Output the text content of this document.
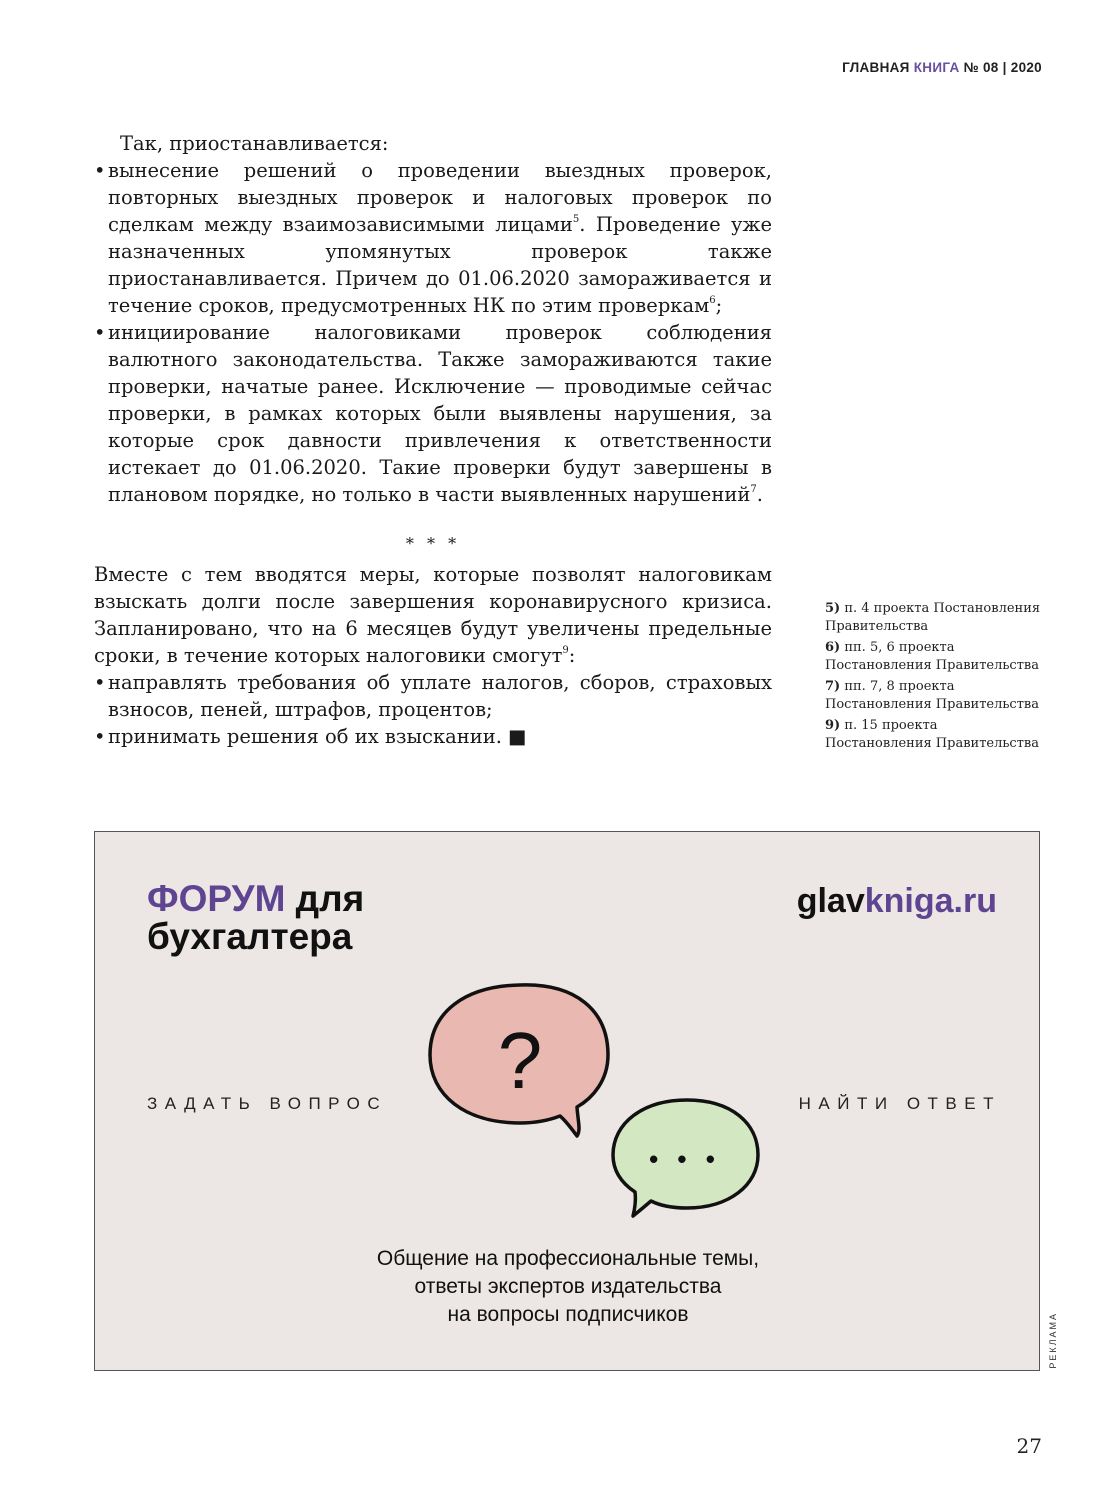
ГЛАВНАЯ КНИГА № 08 | 2020

Так, приостанавливается:

• вынесение решений о проведении выездных проверок, повторных выездных проверок и налоговых проверок по сделкам между взаимозависимыми лицами$^5$. Проведение уже назначенных упомянутых проверок также приостанавливается. Причем до 01.06.2020 замораживается и течение сроков, предусмотренных НК по этим проверкам$^6$;
• инициирование налоговиками проверок соблюдения валютного законодательства. Также замораживаются такие проверки, начатые ранее. Исключение — проводимые сейчас проверки, в рамках которых были выявлены нарушения, за которые срок давности привлечения к ответственности истекает до 01.06.2020. Такие проверки будут завершены в плановом порядке, но только в части выявленных нарушений$^7$.
* * *

Вместе с тем вводятся меры, которые позволят налоговикам взыскать долги после завершения коронавирусного кризиса. Запланировано, что на 6 месяцев будут увеличены предельные сроки, в течение которых налоговики смогут$^9$:

• направлять требования об уплате налогов, сборов, страховых взносов, пеней, штрафов, процентов;
• принимать решения об их взыскании. ■
5) п. 4 проекта Постановления Правительства
6) пп. 5, 6 проекта Постановления Правительства
7) пп. 7, 8 проекта Постановления Правительства
9) п. 15 проекта Постановления Правительства
ФОРУМ для
бухгалтера
glavkniga.ru
ЗАДАТЬ ВОПРОС	НАЙТИ ОТВЕТ
?
• • •
Общение на профессиональные темы,
ответы экспертов издательства
на вопросы подписчиков	РЕКЛАМА
27
